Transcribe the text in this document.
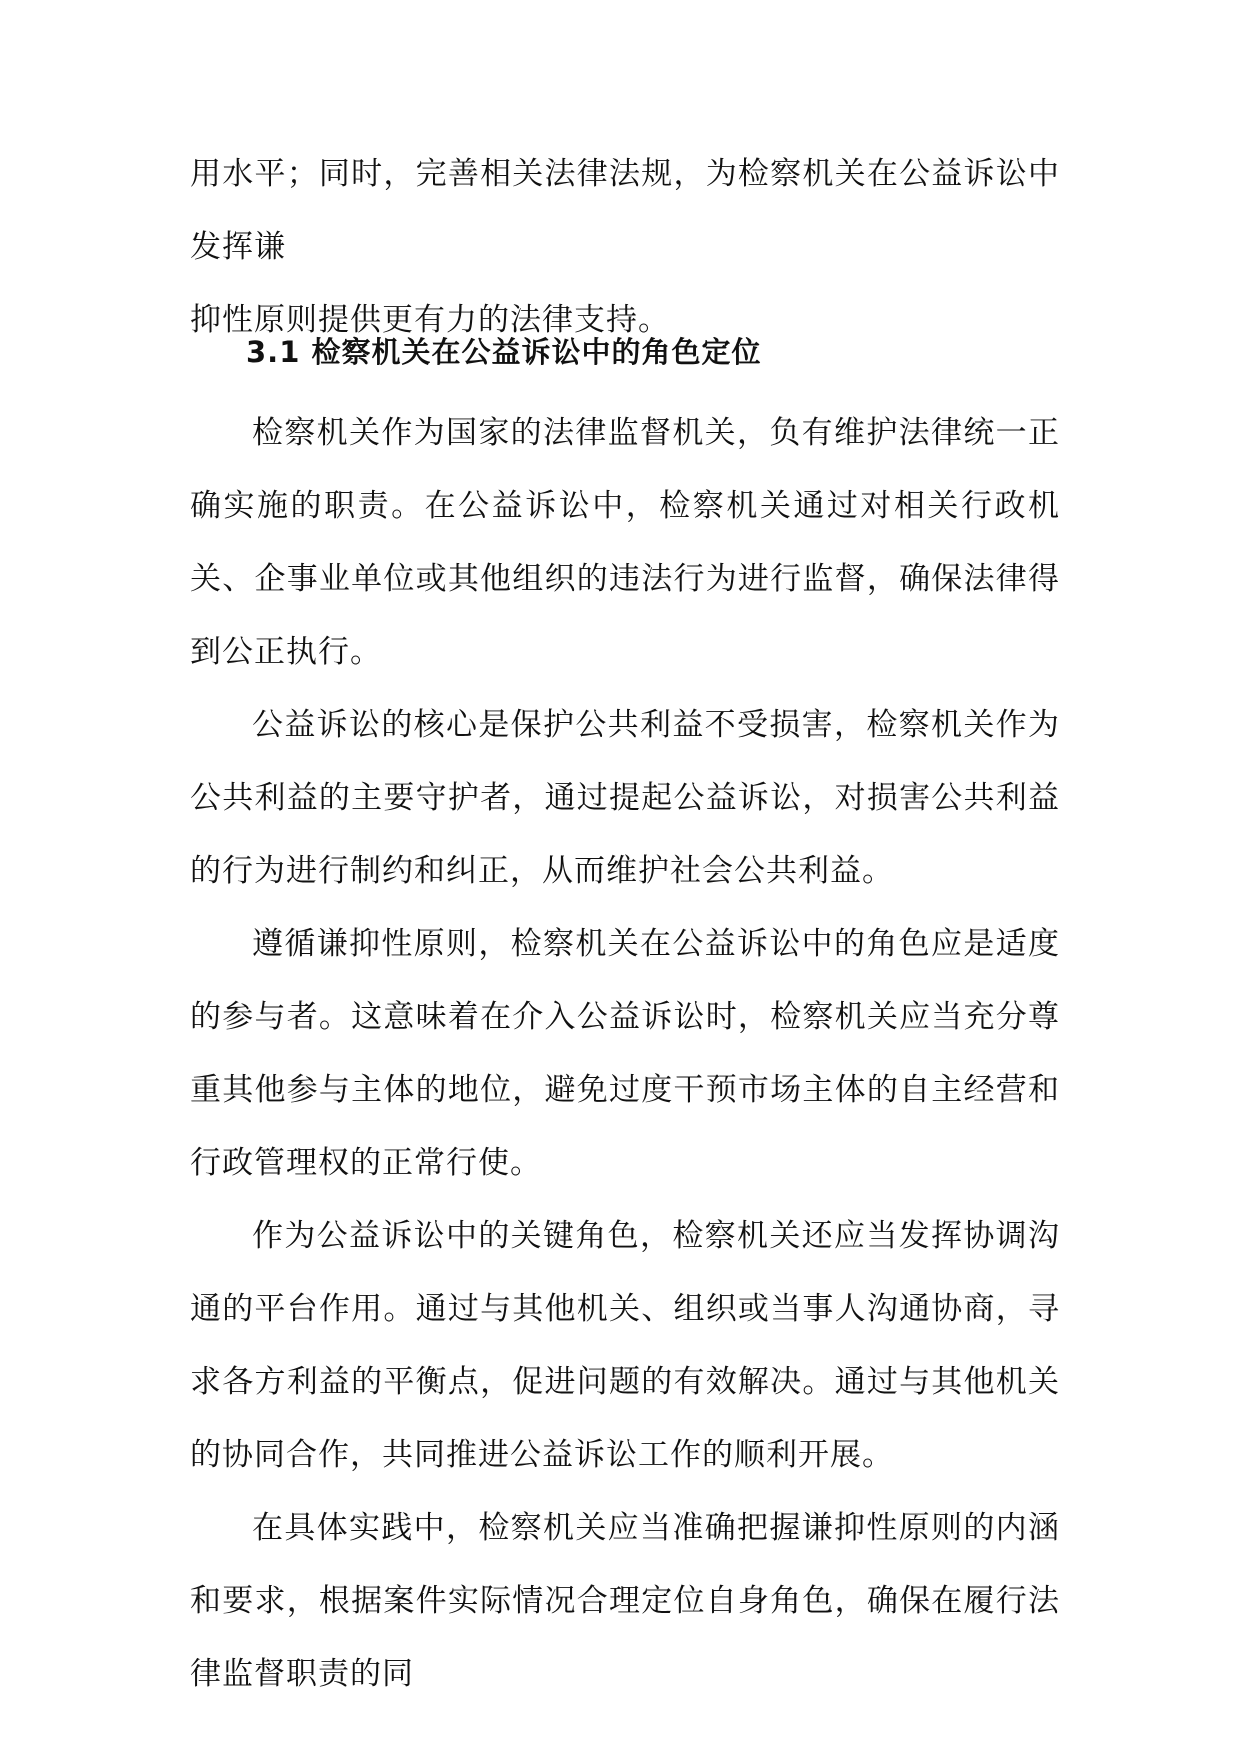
用水平；同时，完善相关法律法规，为检察机关在公益诉讼中发挥谦

抑性原则提供更有力的法律支持。

3.1 检察机关在公益诉讼中的角色定位

检察机关作为国家的法律监督机关，负有维护法律统一正确实施的职责。在公益诉讼中，检察机关通过对相关行政机关、企事业单位或其他组织的违法行为进行监督，确保法律得到公正执行。

公益诉讼的核心是保护公共利益不受损害，检察机关作为公共利益的主要守护者，通过提起公益诉讼，对损害公共利益的行为进行制约和纠正，从而维护社会公共利益。

遵循谦抑性原则，检察机关在公益诉讼中的角色应是适度的参与者。这意味着在介入公益诉讼时，检察机关应当充分尊重其他参与主体的地位，避免过度干预市场主体的自主经营和行政管理权的正常行使。

作为公益诉讼中的关键角色，检察机关还应当发挥协调沟通的平台作用。通过与其他机关、组织或当事人沟通协商，寻求各方利益的平衡点，促进问题的有效解决。通过与其他机关的协同合作，共同推进公益诉讼工作的顺利开展。

在具体实践中，检察机关应当准确把握谦抑性原则的内涵和要求，根据案件实际情况合理定位自身角色，确保在履行法律监督职责的同
